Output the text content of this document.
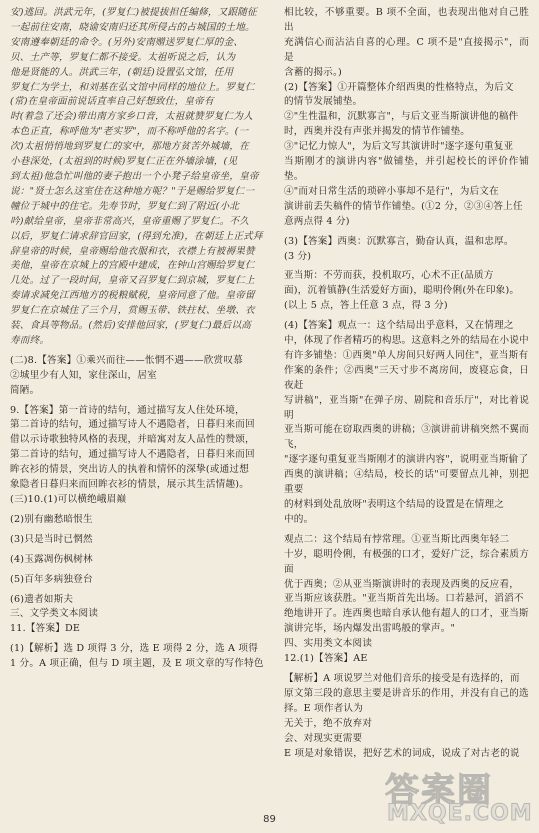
安)逃回。洪武元年，(罗复仁)被提拔担任编修，又跟随征

一起前往安南，晓谕安南归还其所侵占的占城国的土地。

安南遵奉朝廷的命令。(另外)安南赠送罗复仁厚的金、

贝、土产等，罗复仁都不接受。太祖听说之后，认为

他是贤能的人。洪武三年，(朝廷)设置弘文馆，任用

罗复仁为学士，和刘基在弘文馆中同样的地位上。罗复仁

(常)在皇帝面前说话直率自己好想致仕，皇帝有

时(着急了还会)带出南方家乡口音，太祖就赞罗复仁为人

本色正直，称呼他为"老实罗"，而不称呼他的名字。(一

次)太祖悄悄地到罗复仁的家中，那地方贫苦外城墙，在

小巷深处，(太祖到的时候)罗复仁正在外墙涂墙，(见

到太祖)他急忙叫他的妻子抱出一个小凳子给皇帝坐，皇帝

说："贤士怎么这室住在这种地方呢？"于是赐给罗复仁一

幢位于城中的住宅。先寿节时，罗复仁到了附近(小北

吟)献给皇帝，皇帝非常高兴，皇帝重赐了罗复仁。不久

以后，罗复仁请求辞官回家，(得到允准)，在朝廷上正式拜

辞皇帝的时候，皇帝赐给他衣服和衣，衣襟上有被褥果赞

美他，皇帝在京城上的宫殿中建成，在钟山宫赐给罗复仁

几处。过了一段时间，皇帝又召罗复仁到京城，罗复仁上

奏请求减免江西地方的税粮赋税，皇帝同意了他。皇帝留

罗复仁在京城住了三个月，赏赐玉带、铁拄杖、坐墩、衣

装、食具等物品。(然后)安排他回家，(罗复仁)最后以高

寿而终。

(二)8.【答案】①乘兴而往——怅惘不遇——欣赏叹慕

②城里少有人知，家住深山，居室

简陋。

9.【答案】第一首诗的结句，通过描写友人住处环境，

第二首诗的结句，通过描写诗人不遇隐者，日暮归来而回

借以示诗歌独特风格的表现，并暗寓对友人品性的赞颂，

第二首诗的结句，通过描写诗人不遇隐者，日暮归来而回

眸衣衫的情景，突出访人的执着和情怀的深挚(或通过想

象隐者日暮归来而回眸衣衫的情景，展示其生活情趣)。

(三)10.(1)可以横绝峨眉巅

(2)别有幽愁暗恨生

(3)只是当时已惘然

(4)玉露凋伤枫树林

(5)百年多病独登台

(6)遗者如斯夫

三、文学类文本阅读

11.【答案】DE

(1)【解析】选 D 项得 3 分，选 E 项得 2 分，选 A 项得

1 分。A 项正确，但与 D 项主题，及 E 项文章的写作特色

相比较，不够重要。B 项不全面，也表现出他对自己胜出

充满信心而沾沾自喜的心理。C 项不是"直接揭示"，而是

含蓄的揭示。)

(2)【答案】①开篇整体介绍西奥的性格特点，为后文

的情节发展铺垫。

②"生性温和，沉默寡言"，与后文亚当斯演讲他的稿件

时，西奥并没有声张并揭发的情节作铺垫。

③"记忆力惊人"，为后文写其演讲时"逐字逐句重复亚

当斯刚才的演讲内容"做铺垫，并引起校长的评价作铺垫。

④"而对日常生活的琐碎小事却不是行"，为后文在

演讲前丢失稿件的情节作铺垫。(①2 分，②③④答上任

意两点得 4 分)

(3)【答案】西奥：沉默寡言，勤奋认真，温和忠厚。

(3 分)

亚当斯：不劳而获，投机取巧，心术不正(品质方

面)，沉着镇静(生活爱好方面)，聪明伶俐(外在印象)。

(以上 5 点，答上任意 3 点，得 3 分)

(4)【答案】观点一：这个结局出乎意料，又在情理之

中，体现了作者精巧的构思。这意料之外的结局在小说中

有许多铺垫：①西奥"单人房间只好两人同住"，亚当斯有

作案的条件；②西奥"三天寸步不离房间，废寝忘食，日夜赶

写讲稿"，亚当斯"在弹子房、剧院和音乐厅"，对比着说明

亚当斯可能在窃取西奥的讲稿；③演讲前讲稿突然不翼而飞，

"逐字逐句重复亚当斯刚才的演讲内容"，说明亚当斯偷了

西奥的演讲稿；④结局，校长的话"可要留点儿神，别把重要

的材料到处乱放呀"表明这个结局的设置是在情理之

中的。

观点二：这个结局有悖常理。①亚当斯比西奥年轻二

十岁，聪明伶俐，有极强的口才，爱好广泛，综合素质方面

优于西奥；②从亚当斯演讲时的表现及西奥的反应看，

亚当斯应该获胜。"亚当斯首先出场。口若悬河，滔滔不

绝地讲开了。连西奥也暗自承认他有超人的口才，亚当斯

演讲完毕，场内爆发出雷鸣般的掌声。"

四、实用类文本阅读

12.(1)【答案】AE

【解析】A 项说罗兰对他们音乐的接受是有选择的，而

原文第三段的意思主要是讲音乐的作用，并没有自己的选

择。E 项作者认为

无关于，绝不放弃对

会、对现实更需要

E 项是对象错误，把好艺术的词成，说成了对古老的说

89
答案圈
MXQE.COM
